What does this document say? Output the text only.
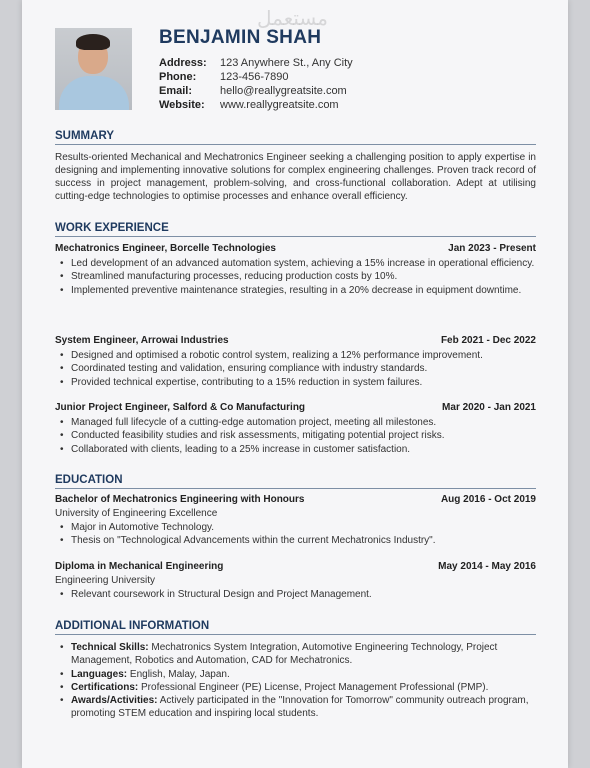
مستعمل
BENJAMIN SHAH
Address: 123 Anywhere St., Any City
Phone: 123-456-7890
Email:	hello@reallygreatsite.com
Website: www.reallygreatsite.com
SUMMARY
Results-oriented Mechanical and Mechatronics Engineer seeking a challenging position to apply expertise in designing and implementing innovative solutions for complex engineering challenges. Proven track record of success in project management, problem-solving, and cross-functional collaboration. Adept at utilising cutting-edge technologies to optimise processes and enhance overall efficiency.
WORK EXPERIENCE
Mechatronics Engineer, Borcelle Technologies	Jan 2023 - Present
• Led development of an advanced automation system, achieving a 15% increase in operational efficiency.
• Streamlined manufacturing processes, reducing production costs by 10%.
• Implemented preventive maintenance strategies, resulting in a 20% decrease in equipment downtime.
System Engineer, Arrowai Industries	Feb 2021 - Dec 2022
• Designed and optimised a robotic control system, realizing a 12% performance improvement.
• Coordinated testing and validation, ensuring compliance with industry standards.
• Provided technical expertise, contributing to a 15% reduction in system failures.
Junior Project Engineer, Salford & Co Manufacturing	Mar 2020 - Jan 2021
• Managed full lifecycle of a cutting-edge automation project, meeting all milestones.
• Conducted feasibility studies and risk assessments, mitigating potential project risks.
• Collaborated with clients, leading to a 25% increase in customer satisfaction.
EDUCATION
Bachelor of Mechatronics Engineering with Honours	Aug 2016 - Oct 2019
University of Engineering Excellence
• Major in Automotive Technology.
• Thesis on "Technological Advancements within the current Mechatronics Industry".
Diploma in Mechanical Engineering	May 2014 - May 2016
Engineering University
• Relevant coursework in Structural Design and Project Management.
ADDITIONAL INFORMATION
• Technical Skills: Mechatronics System Integration, Automotive Engineering Technology, Project Management, Robotics and Automation, CAD for Mechatronics.
• Languages: English, Malay, Japan.
• Certifications: Professional Engineer (PE) License, Project Management Professional (PMP).
• Awards/Activities: Actively participated in the "Innovation for Tomorrow" community outreach program, promoting STEM education and inspiring local students.
